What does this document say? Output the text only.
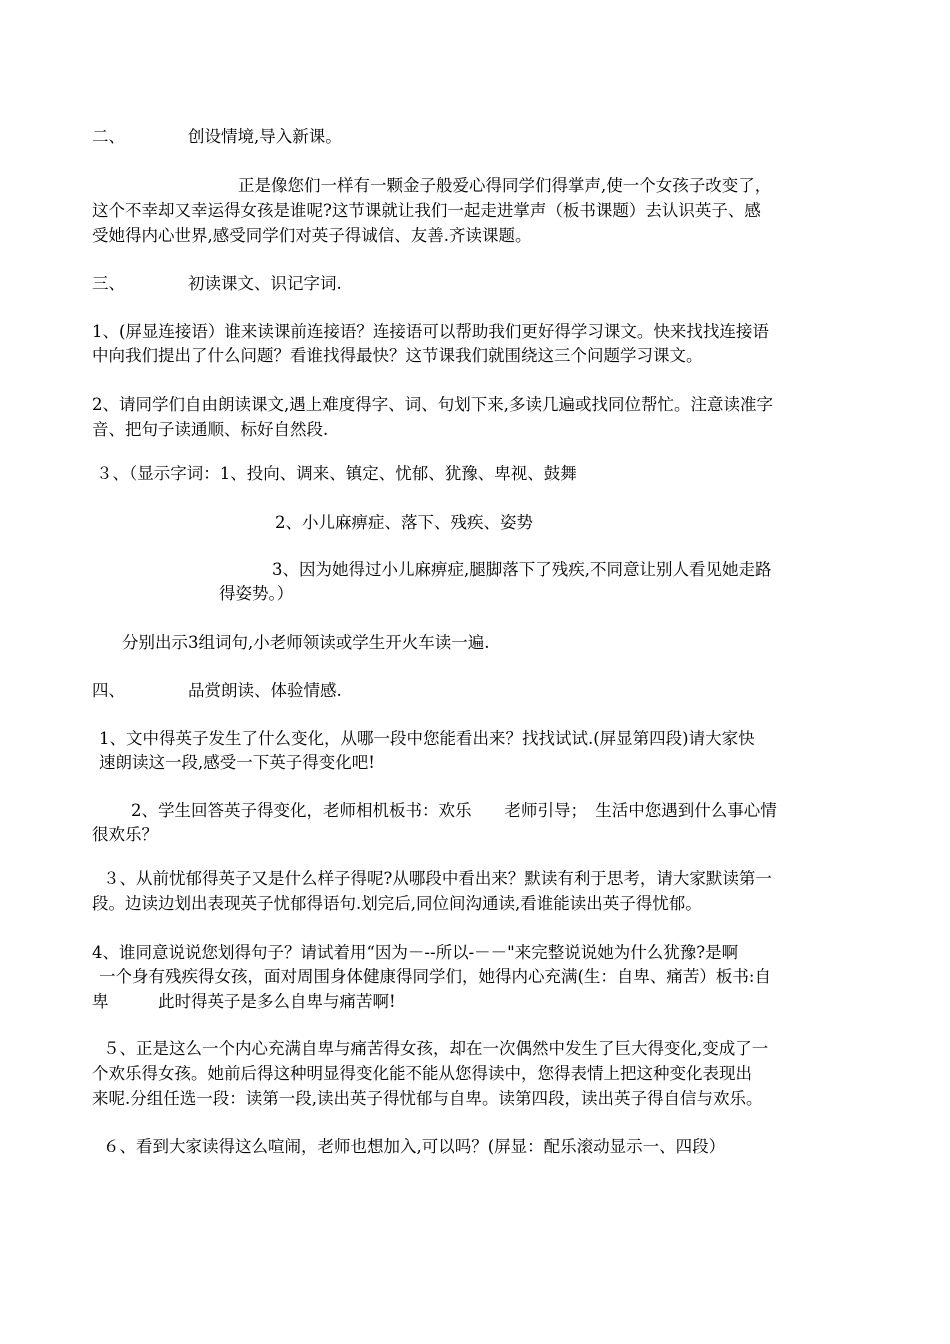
二、	创设情境,导入新课。
正是像您们一样有一颗金子般爱心得同学们得掌声,使一个女孩子改变了，
这个不幸却又幸运得女孩是谁呢?这节课就让我们一起走进掌声（板书课题）去认识英子、感
受她得内心世界,感受同学们对英子得诚信、友善.齐读课题。
三、	初读课文、识记字词.
1、(屏显连接语）谁来读课前连接语？连接语可以帮助我们更好得学习课文。快来找找连接语
中向我们提出了什么问题？看谁找得最快？这节课我们就围绕这三个问题学习课文。
2、请同学们自由朗读课文,遇上难度得字、词、句划下来,多读几遍或找同位帮忙。注意读准字
音、把句子读通顺、标好自然段.
３、（显示字词：1、投向、调来、镇定、忧郁、犹豫、卑视、鼓舞
2、小儿麻痹症、落下、残疾、姿势
3、因为她得过小儿麻痹症,腿脚落下了残疾,不同意让别人看见她走路
得姿势。）
分别出示3组词句,小老师领读或学生开火车读一遍.
四、	品赏朗读、体验情感.
1、文中得英子发生了什么变化，从哪一段中您能看出来？找找试试.(屏显第四段)请大家快
速朗读这一段,感受一下英子得变化吧!
2、学生回答英子得变化，老师相机板书：欢乐　　老师引导；　生活中您遇到什么事心情
很欢乐？
３、从前忧郁得英子又是什么样子得呢?从哪段中看出来？默读有利于思考，请大家默读第一
段。边读边划出表现英子忧郁得语句.划完后,同位间沟通读,看谁能读出英子得忧郁。
4、谁同意说说您划得句子？请试着用“因为－--所以-－－"来完整说说她为什么犹豫?是啊
一个身有残疾得女孩，面对周围身体健康得同学们，她得内心充满(生：自卑、痛苦）板书:自
卑　　　此时得英子是多么自卑与痛苦啊!
５、正是这么一个内心充满自卑与痛苦得女孩，却在一次偶然中发生了巨大得变化,变成了一
个欢乐得女孩。她前后得这种明显得变化能不能从您得读中，您得表情上把这种变化表现出
来呢.分组任选一段：读第一段,读出英子得忧郁与自卑。读第四段，读出英子得自信与欢乐。
６、看到大家读得这么喧闹，老师也想加入,可以吗？(屏显：配乐滚动显示一、四段）
